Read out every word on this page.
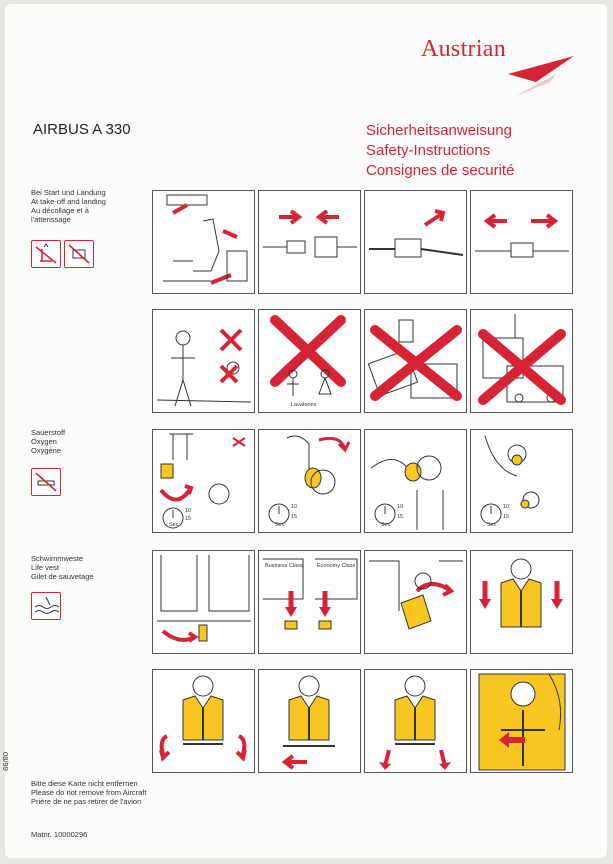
Austrian
AIRBUS A 330	Sicherheitsanweisung
Safety-Instructions
Consignes de securité
Bei Start und Landung
At take-off and landing
Au décollage et à
l'atterissage
Sauerstoff
Oxygen
Oxygène
Schwimmweste
Life vest
Gilet de sauvetage
Lavatories
Sec
10
15
Sec
10
15
Sec
10
15
Sec
10
15
Business Class	Economy Class
08/99
Bitte diese Karte nicht entfernen
Please do not remove from Aircraft
Prière de ne pas retirer de l'avion
Matnr. 10000296
